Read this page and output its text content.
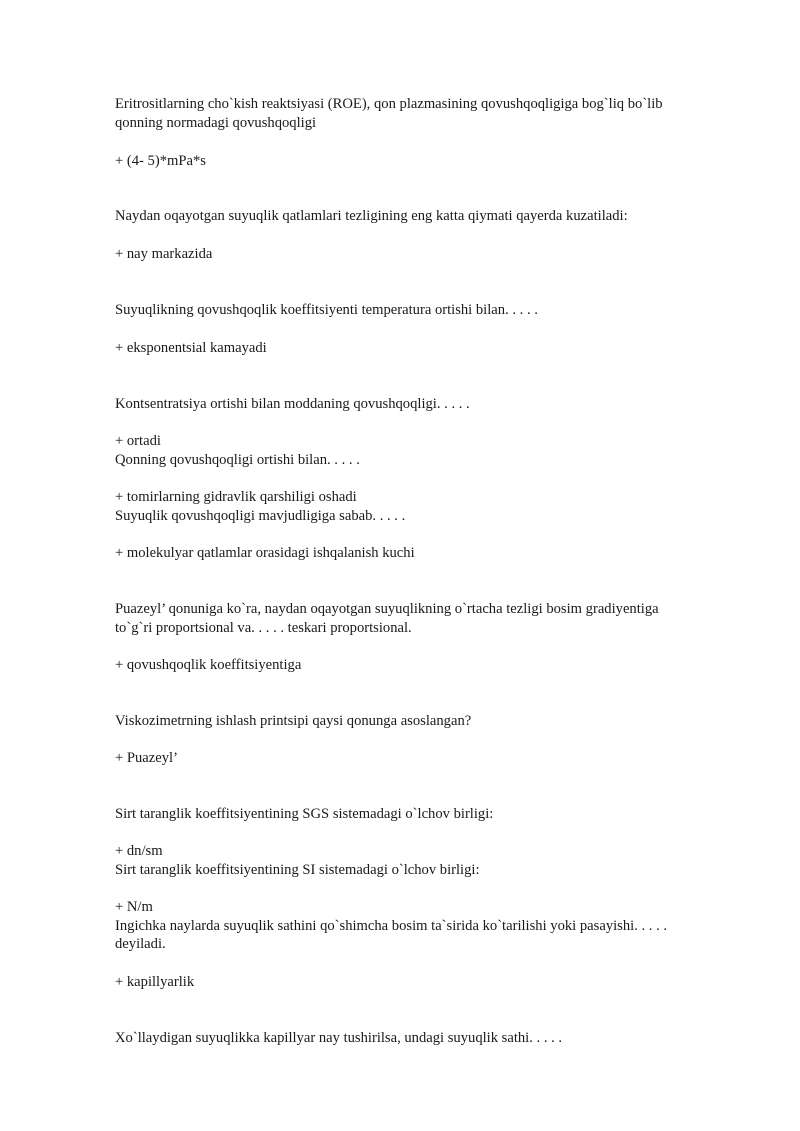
Eritrositlarning cho`kish reaktsiyasi (ROE), qon plazmasining qovushqoqligiga bog`liq bo`lib
qonning normadagi qovushqoqligi
+ (4- 5)*mPa*s
Naydan oqayotgan suyuqlik qatlamlari tezligining eng katta qiymati qayerda kuzatiladi:
+ nay markazida
Suyuqlikning qovushqoqlik koeffitsiyenti temperatura ortishi bilan. . . . .
+ eksponentsial kamayadi
Kontsentratsiya ortishi bilan moddaning qovushqoqligi. . . . .
+ ortadi
Qonning qovushqoqligi ortishi bilan. . . . .
+ tomirlarning gidravlik qarshiligi oshadi
Suyuqlik qovushqoqligi mavjudligiga sabab. . . . .
+ molekulyar qatlamlar orasidagi ishqalanish kuchi
Puazeyl’ qonuniga ko`ra, naydan oqayotgan suyuqlikning o`rtacha tezligi bosim gradiyentiga
to`g`ri proportsional va. . . . . teskari proportsional.
+ qovushqoqlik koeffitsiyentiga
Viskozimetrning ishlash printsipi qaysi qonunga asoslangan?
+ Puazeyl’
Sirt taranglik koeffitsiyentining SGS sistemadagi o`lchov birligi:
+ dn/sm
Sirt taranglik koeffitsiyentining SI sistemadagi o`lchov birligi:
+ N/m
Ingichka naylarda suyuqlik sathini qo`shimcha bosim ta`sirida ko`tarilishi yoki pasayishi. . . . .
deyiladi.
+ kapillyarlik
Xo`llaydigan suyuqlikka kapillyar nay tushirilsa, undagi suyuqlik sathi. . . . .
